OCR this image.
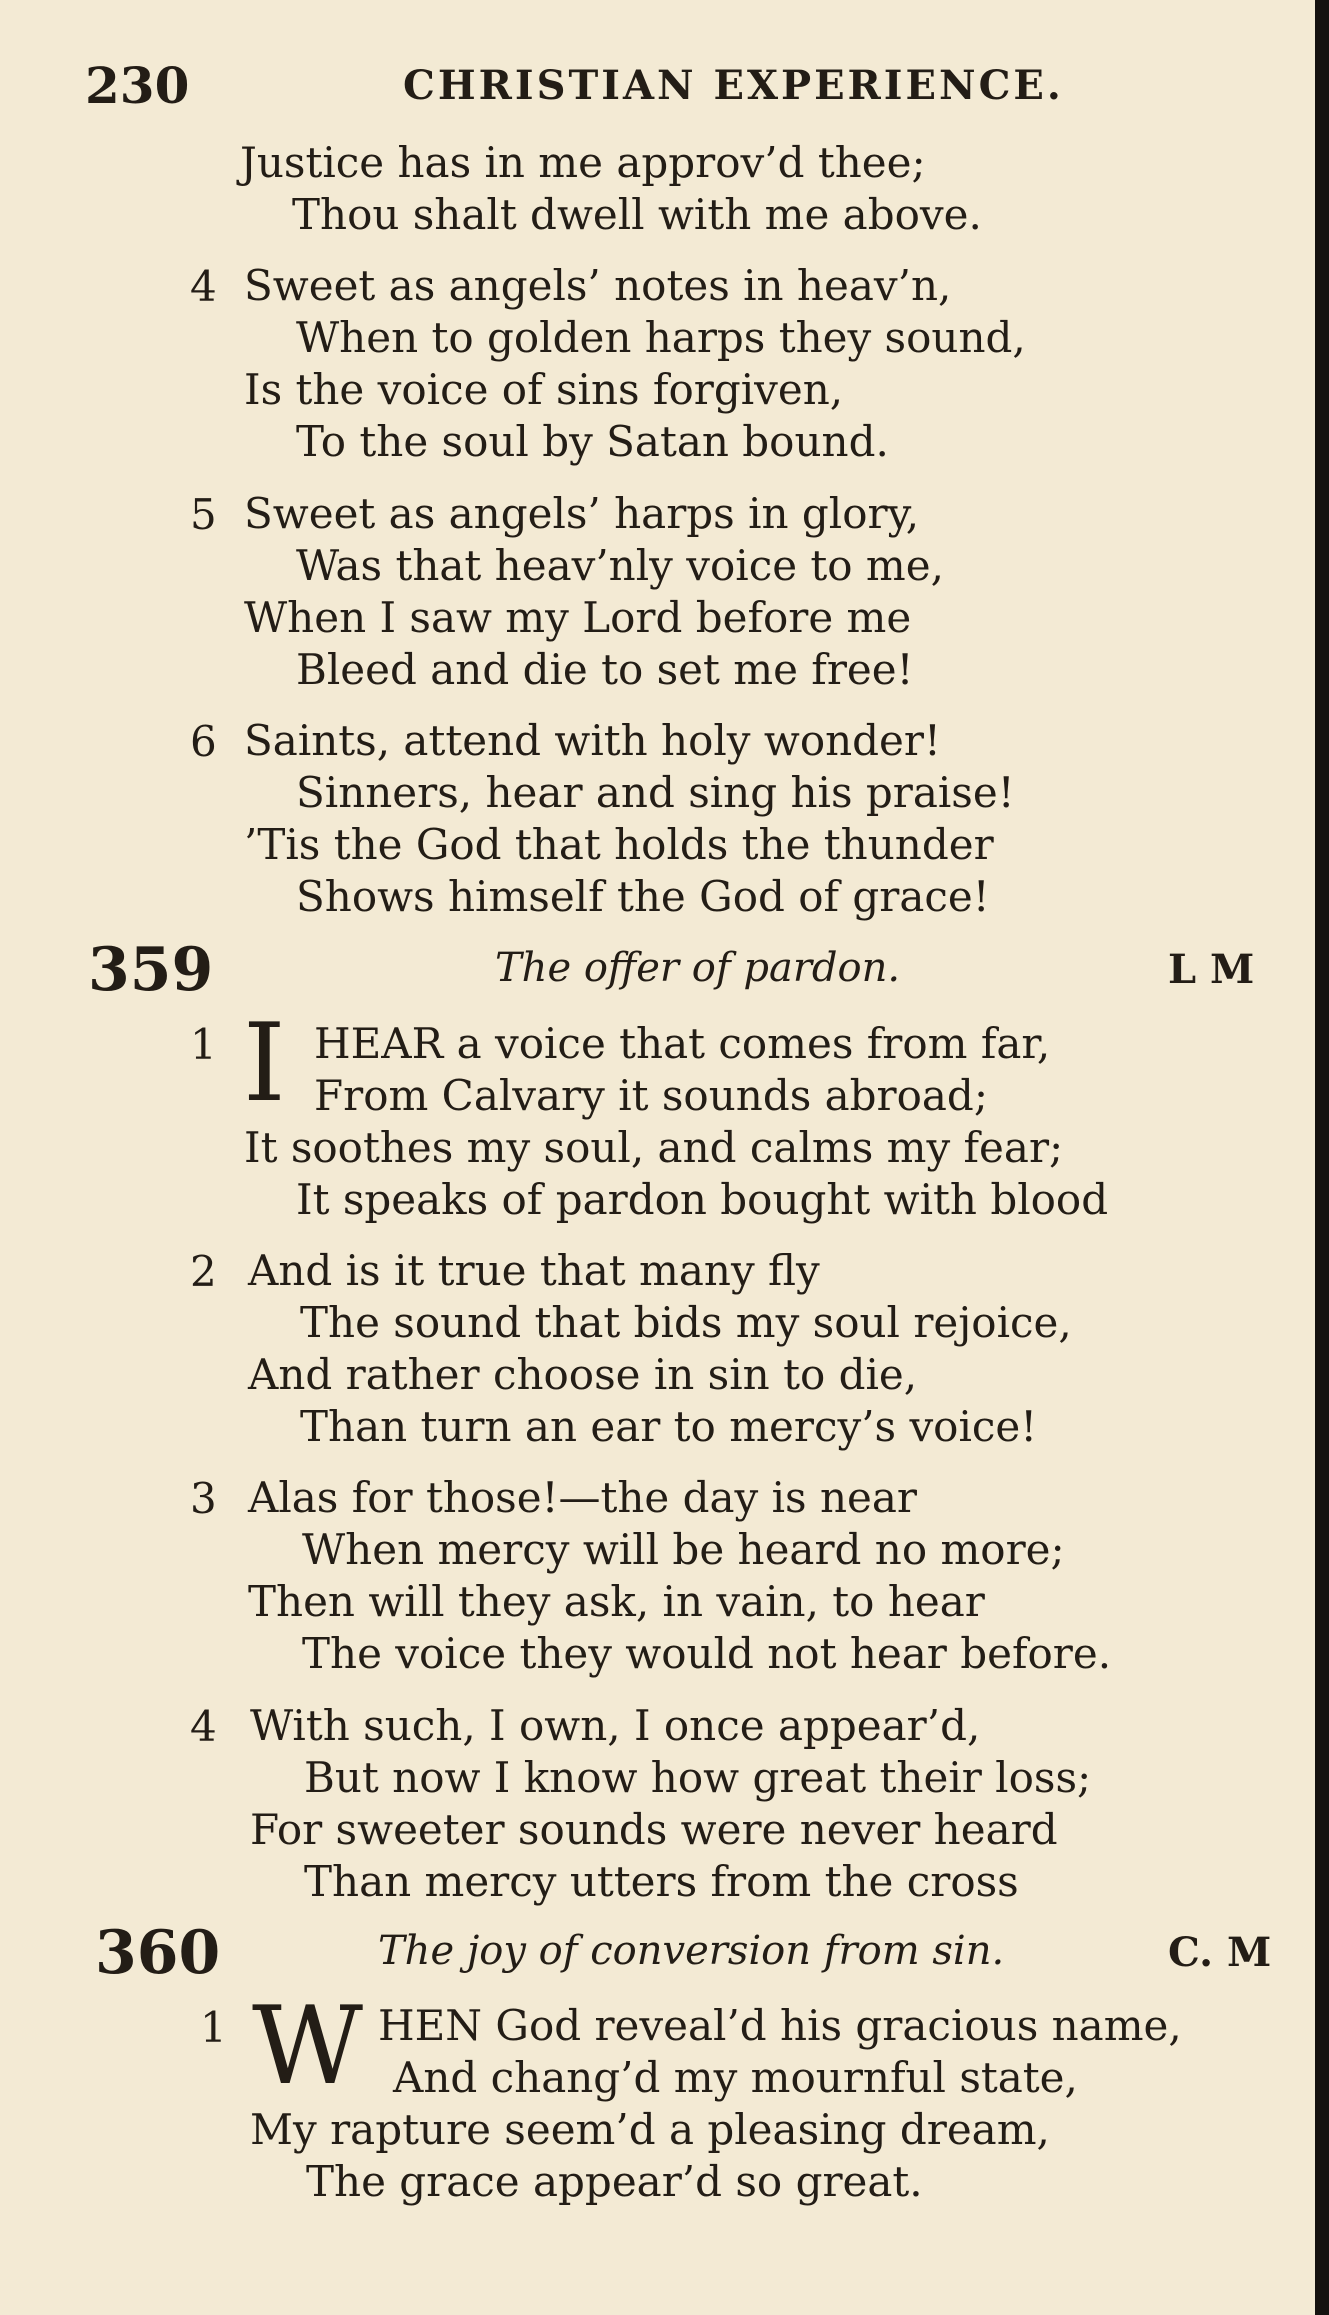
230	CHRISTIAN EXPERIENCE.
Justice has in me approv’d thee;
Thou shalt dwell with me above.
4 Sweet as angels’ notes in heav’n,
When to golden harps they sound,
Is the voice of sins forgiven,
To the soul by Satan bound.
5 Sweet as angels’ harps in glory,
Was that heav’nly voice to me,
When I saw my Lord before me
Bleed and die to set me free!
6 Saints, attend with holy wonder!
Sinners, hear and sing his praise!
’Tis the God that holds the thunder
Shows himself the God of grace!
359	The offer of pardon.	L M
1 I HEAR a voice that comes from far,
From Calvary it sounds abroad;
It soothes my soul, and calms my fear;
It speaks of pardon bought with blood
2 And is it true that many fly
The sound that bids my soul rejoice,
And rather choose in sin to die,
Than turn an ear to mercy’s voice!
3 Alas for those!—the day is near
When mercy will be heard no more;
Then will they ask, in vain, to hear
The voice they would not hear before.
4 With such, I own, I once appear’d,
But now I know how great their loss;
For sweeter sounds were never heard
Than mercy utters from the cross
360	The joy of conversion from sin.	C. M
1 W HEN God reveal’d his gracious name,
And chang’d my mournful state,
My rapture seem’d a pleasing dream,
The grace appear’d so great.
